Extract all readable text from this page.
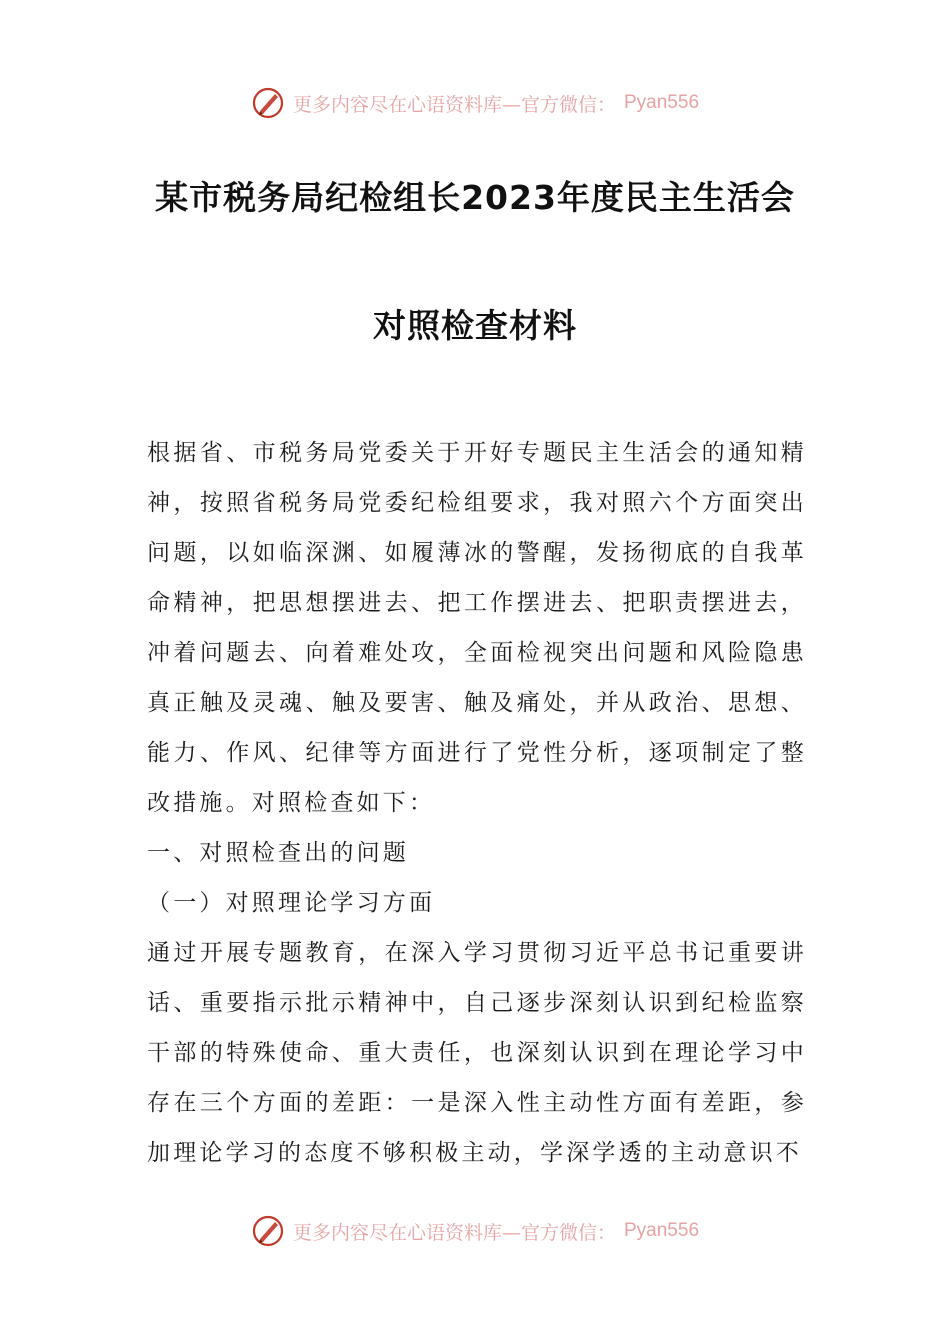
更多内容尽在心语资料库—官方微信： Pyan556
某市税务局纪检组长2023年度民主生活会
对照检查材料

根据省、市税务局党委关于开好专题民主生活会的通知精神，按照省税务局党委纪检组要求，我对照六个方面突出问题，以如临深渊、如履薄冰的警醒，发扬彻底的自我革命精神，把思想摆进去、把工作摆进去、把职责摆进去，冲着问题去、向着难处攻，全面检视突出问题和风险隐患真正触及灵魂、触及要害、触及痛处，并从政治、思想、能力、作风、纪律等方面进行了党性分析，逐项制定了整改措施。对照检查如下：

一、对照检查出的问题

（一）对照理论学习方面

通过开展专题教育，在深入学习贯彻习近平总书记重要讲话、重要指示批示精神中，自己逐步深刻认识到纪检监察干部的特殊使命、重大责任，也深刻认识到在理论学习中存在三个方面的差距：一是深入性主动性方面有差距，参加理论学习的态度不够积极主动，学深学透的主动意识不

更多内容尽在心语资料库—官方微信： Pyan556
